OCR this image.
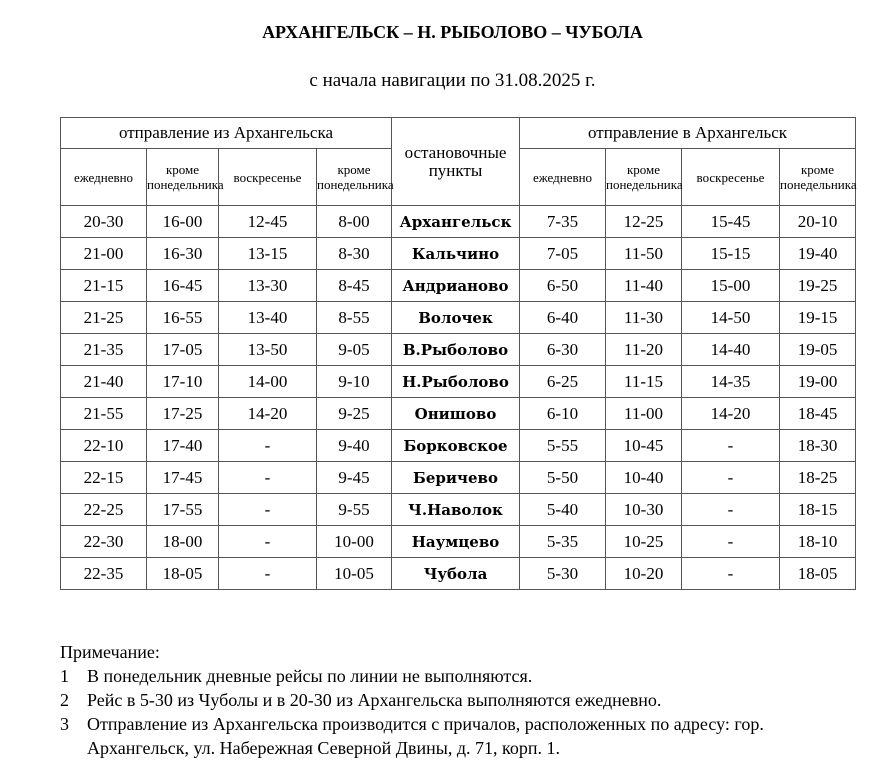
АРХАНГЕЛЬСК – Н. РЫБОЛОВО – ЧУБОЛА
с начала навигации по 31.08.2025 г.
отправление из Архангельска				остановочные пункты	отправление в Архангельск			
ежедневно	кроме понедельника	воскресенье	кроме понедельника		ежедневно	кроме понедельника	воскресенье	кроме понедельника
20-30	16-00	12-45	8-00	Архангельск	7-35	12-25	15-45	20-10
21-00	16-30	13-15	8-30	Кальчино	7-05	11-50	15-15	19-40
21-15	16-45	13-30	8-45	Андрианово	6-50	11-40	15-00	19-25
21-25	16-55	13-40	8-55	Волочек	6-40	11-30	14-50	19-15
21-35	17-05	13-50	9-05	В.Рыболово	6-30	11-20	14-40	19-05
21-40	17-10	14-00	9-10	Н.Рыболово	6-25	11-15	14-35	19-00
21-55	17-25	14-20	9-25	Онишово	6-10	11-00	14-20	18-45
22-10	17-40	-	9-40	Борковское	5-55	10-45	-	18-30
22-15	17-45	-	9-45	Беричево	5-50	10-40	-	18-25
22-25	17-55	-	9-55	Ч.Наволок	5-40	10-30	-	18-15
22-30	18-00	-	10-00	Наумцево	5-35	10-25	-	18-10
22-35	18-05	-	10-05	Чубола	5-30	10-20	-	18-05
Примечание:
1	В понедельник дневные рейсы по линии не выполняются.
2	Рейс в 5-30 из Чуболы и в 20-30 из Архангельска выполняются ежедневно.
3	Отправление из Архангельска производится с причалов, расположенных по адресу: гор. Архангельск, ул. Набережная Северной Двины, д. 71, корп. 1.
